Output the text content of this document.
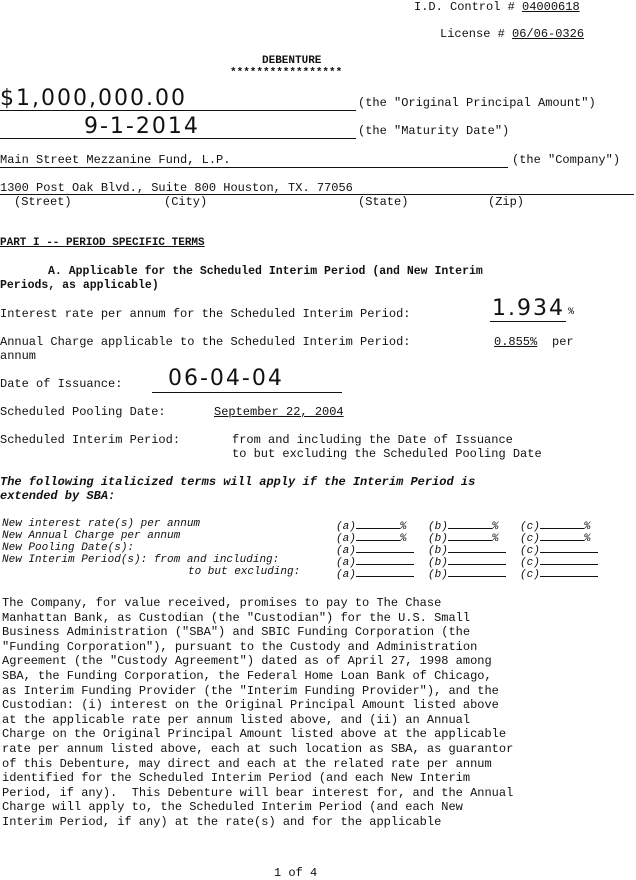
I.D. Control # 04000618
License # 06/06-0326
DEBENTURE
*****************
$1,000,000.00	(the "Original Principal Amount")
9-1-2014	(the "Maturity Date")
Main Street Mezzanine Fund, L.P.	(the "Company")
1300 Post Oak Blvd., Suite 800 Houston, TX. 77056
(Street)	(City)	(State)	(Zip)
PART I -- PERIOD SPECIFIC TERMS
A. Applicable for the Scheduled Interim Period (and New Interim
Periods, as applicable)
Interest rate per annum for the Scheduled Interim Period:	1.934 %
Annual Charge applicable to the Scheduled Interim Period:	0.855% per
annum
Date of Issuance: 06-04-04
Scheduled Pooling Date:	September 22, 2004
Scheduled Interim Period:	from and including the Date of Issuance
to but excluding the Scheduled Pooling Date
The following italicized terms will apply if the Interim Period is
extended by SBA:
New interest rate(s) per annum	(a)	% (b)	% (c)	%
New Annual Charge per annum	(a)	% (b)	% (c)	%
New Pooling Date(s):	(a)	(b)	(c)
New Interim Period(s): from and including:	(a)	(b)	(c)
to but excluding:	(a)	(b)	(c)
The Company, for value received, promises to pay to The Chase
Manhattan Bank, as Custodian (the "Custodian") for the U.S. Small
Business Administration ("SBA") and SBIC Funding Corporation (the
"Funding Corporation"), pursuant to the Custody and Administration
Agreement (the "Custody Agreement") dated as of April 27, 1998 among
SBA, the Funding Corporation, the Federal Home Loan Bank of Chicago,
as Interim Funding Provider (the "Interim Funding Provider"), and the
Custodian: (i) interest on the Original Principal Amount listed above
at the applicable rate per annum listed above, and (ii) an Annual
Charge on the Original Principal Amount listed above at the applicable
rate per annum listed above, each at such location as SBA, as guarantor
of this Debenture, may direct and each at the related rate per annum
identified for the Scheduled Interim Period (and each New Interim
Period, if any).  This Debenture will bear interest for, and the Annual
Charge will apply to, the Scheduled Interim Period (and each New
Interim Period, if any) at the rate(s) and for the applicable
1 of 4
